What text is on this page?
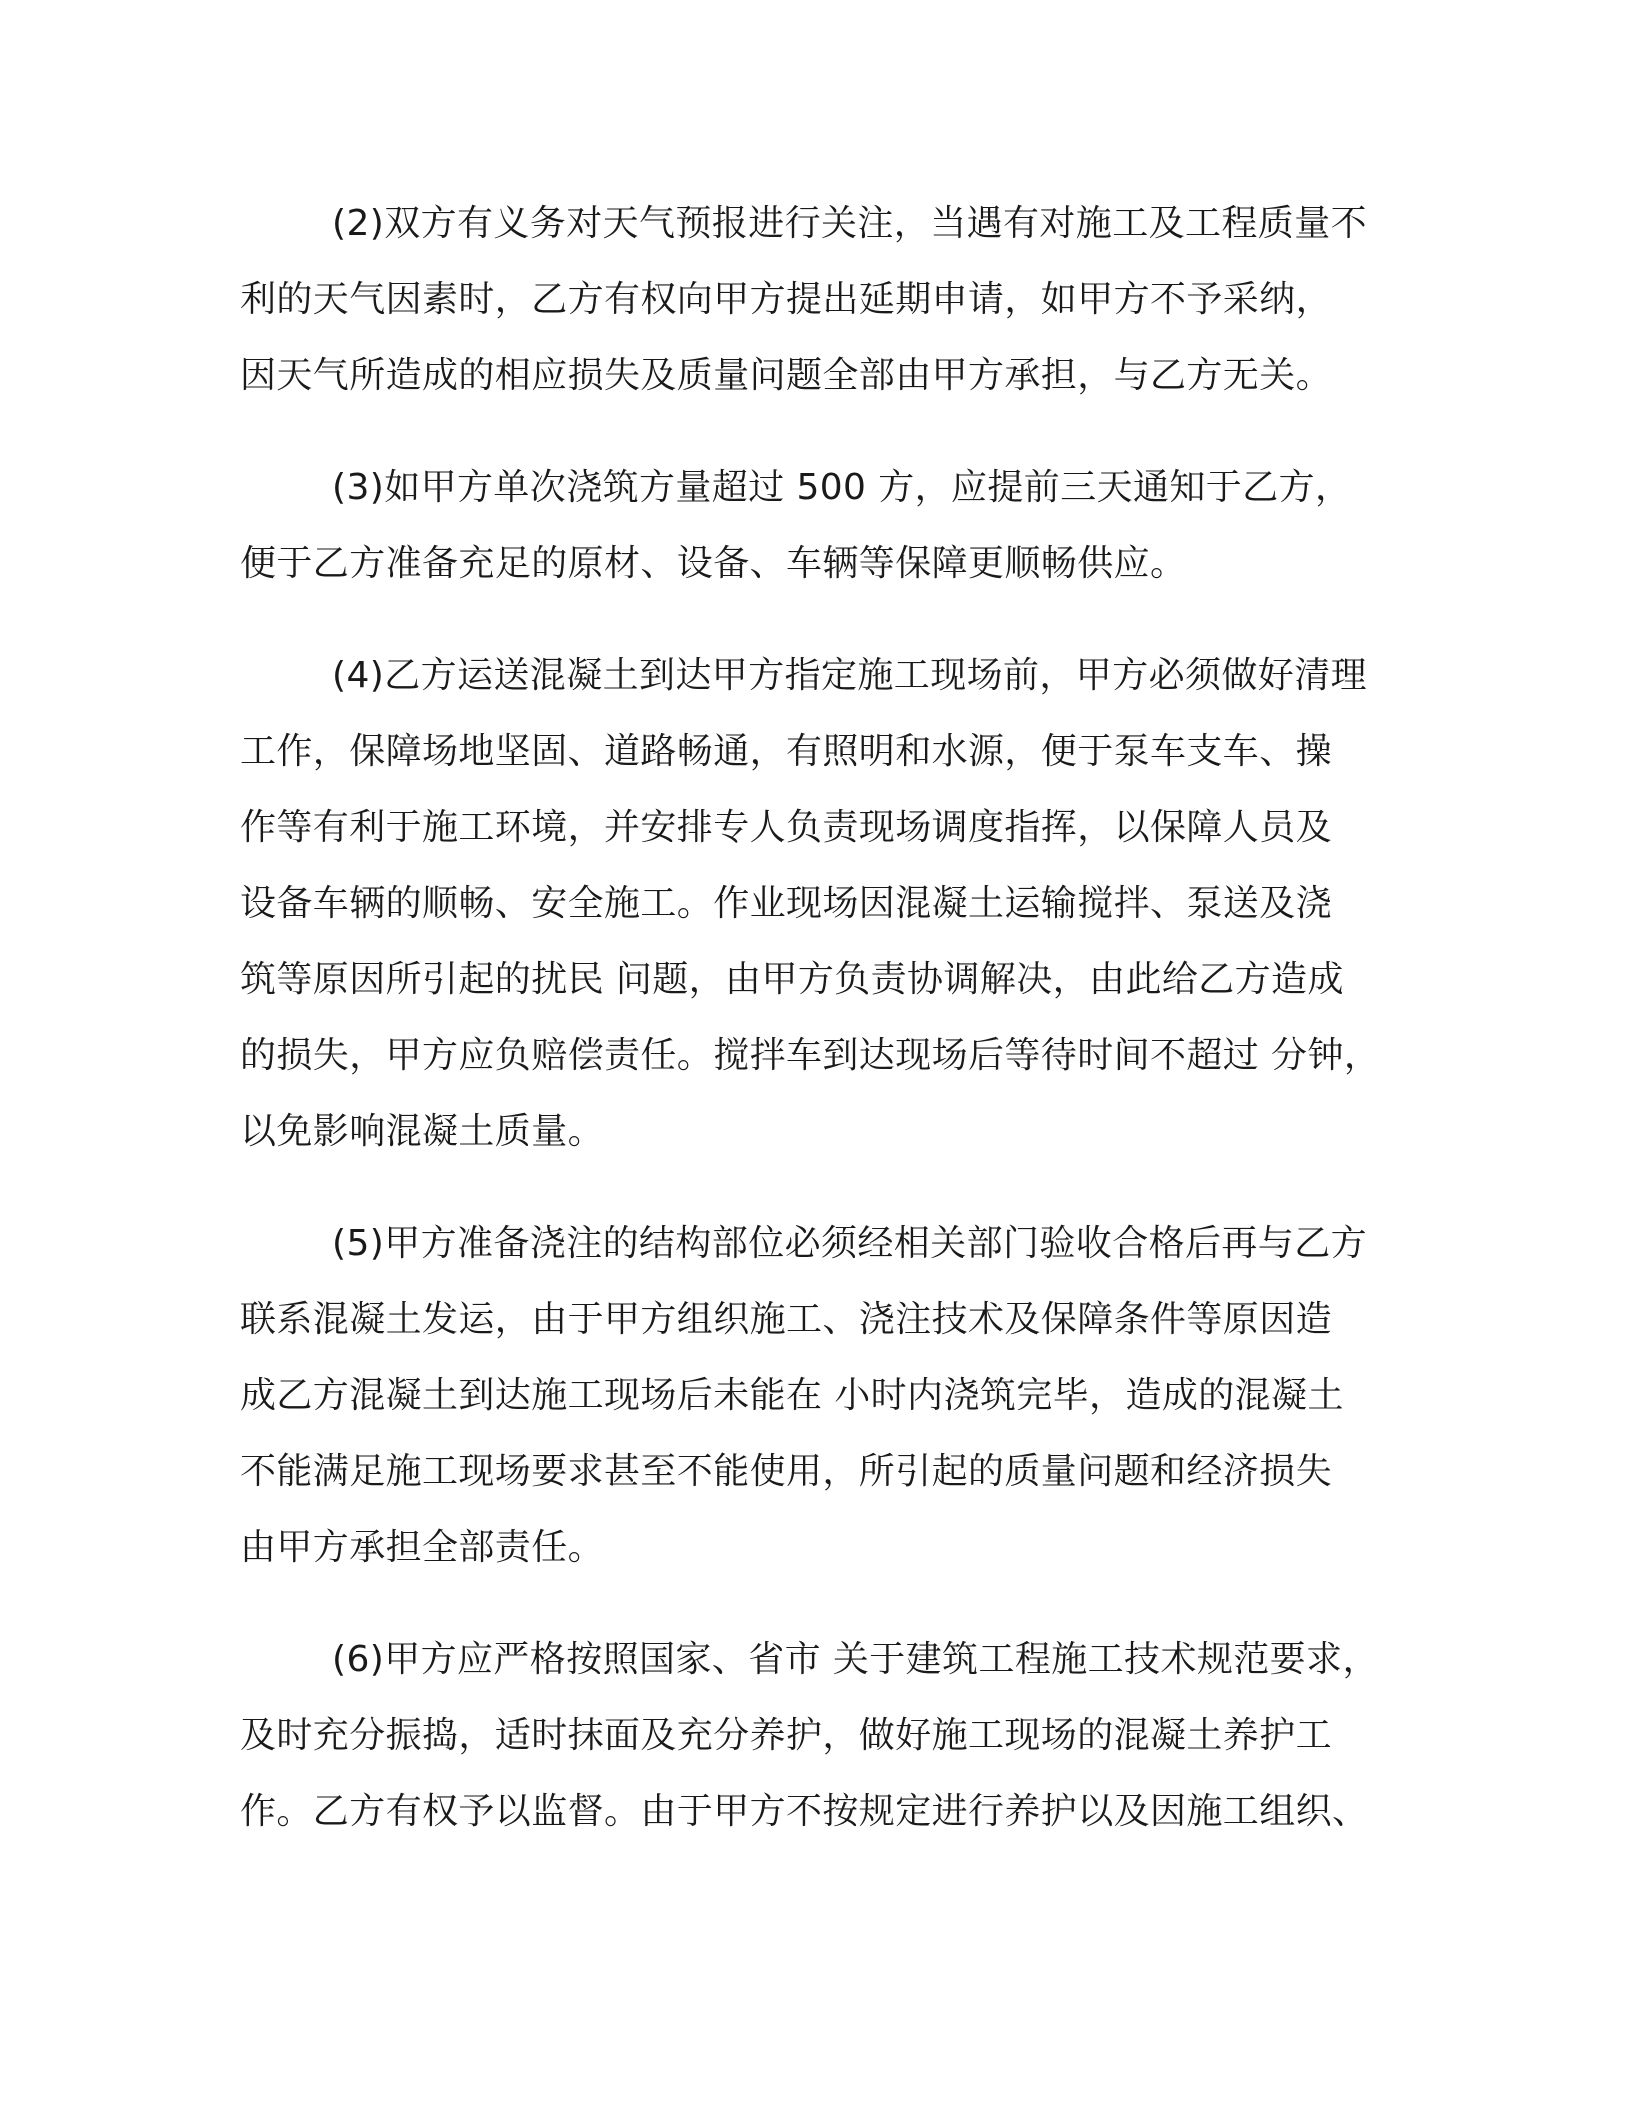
(2)双方有义务对天气预报进行关注，当遇有对施工及工程质量不
利的天气因素时，乙方有权向甲方提出延期申请，如甲方不予采纳，
因天气所造成的相应损失及质量问题全部由甲方承担，与乙方无关。

(3)如甲方单次浇筑方量超过 500 方，应提前三天通知于乙方，
便于乙方准备充足的原材、设备、车辆等保障更顺畅供应。

(4)乙方运送混凝土到达甲方指定施工现场前，甲方必须做好清理
工作，保障场地坚固、道路畅通，有照明和水源，便于泵车支车、操
作等有利于施工环境，并安排专人负责现场调度指挥，以保障人员及
设备车辆的顺畅、安全施工。作业现场因混凝土运输搅拌、泵送及浇
筑等原因所引起的扰民 问题，由甲方负责协调解决，由此给乙方造成
的损失，甲方应负赔偿责任。搅拌车到达现场后等待时间不超过 分钟，
以免影响混凝土质量。

(5)甲方准备浇注的结构部位必须经相关部门验收合格后再与乙方
联系混凝土发运，由于甲方组织施工、浇注技术及保障条件等原因造
成乙方混凝土到达施工现场后未能在 小时内浇筑完毕，造成的混凝土
不能满足施工现场要求甚至不能使用，所引起的质量问题和经济损失
由甲方承担全部责任。

(6)甲方应严格按照国家、省市 关于建筑工程施工技术规范要求，
及时充分振捣，适时抹面及充分养护，做好施工现场的混凝土养护工
作。乙方有权予以监督。由于甲方不按规定进行养护以及因施工组织、
